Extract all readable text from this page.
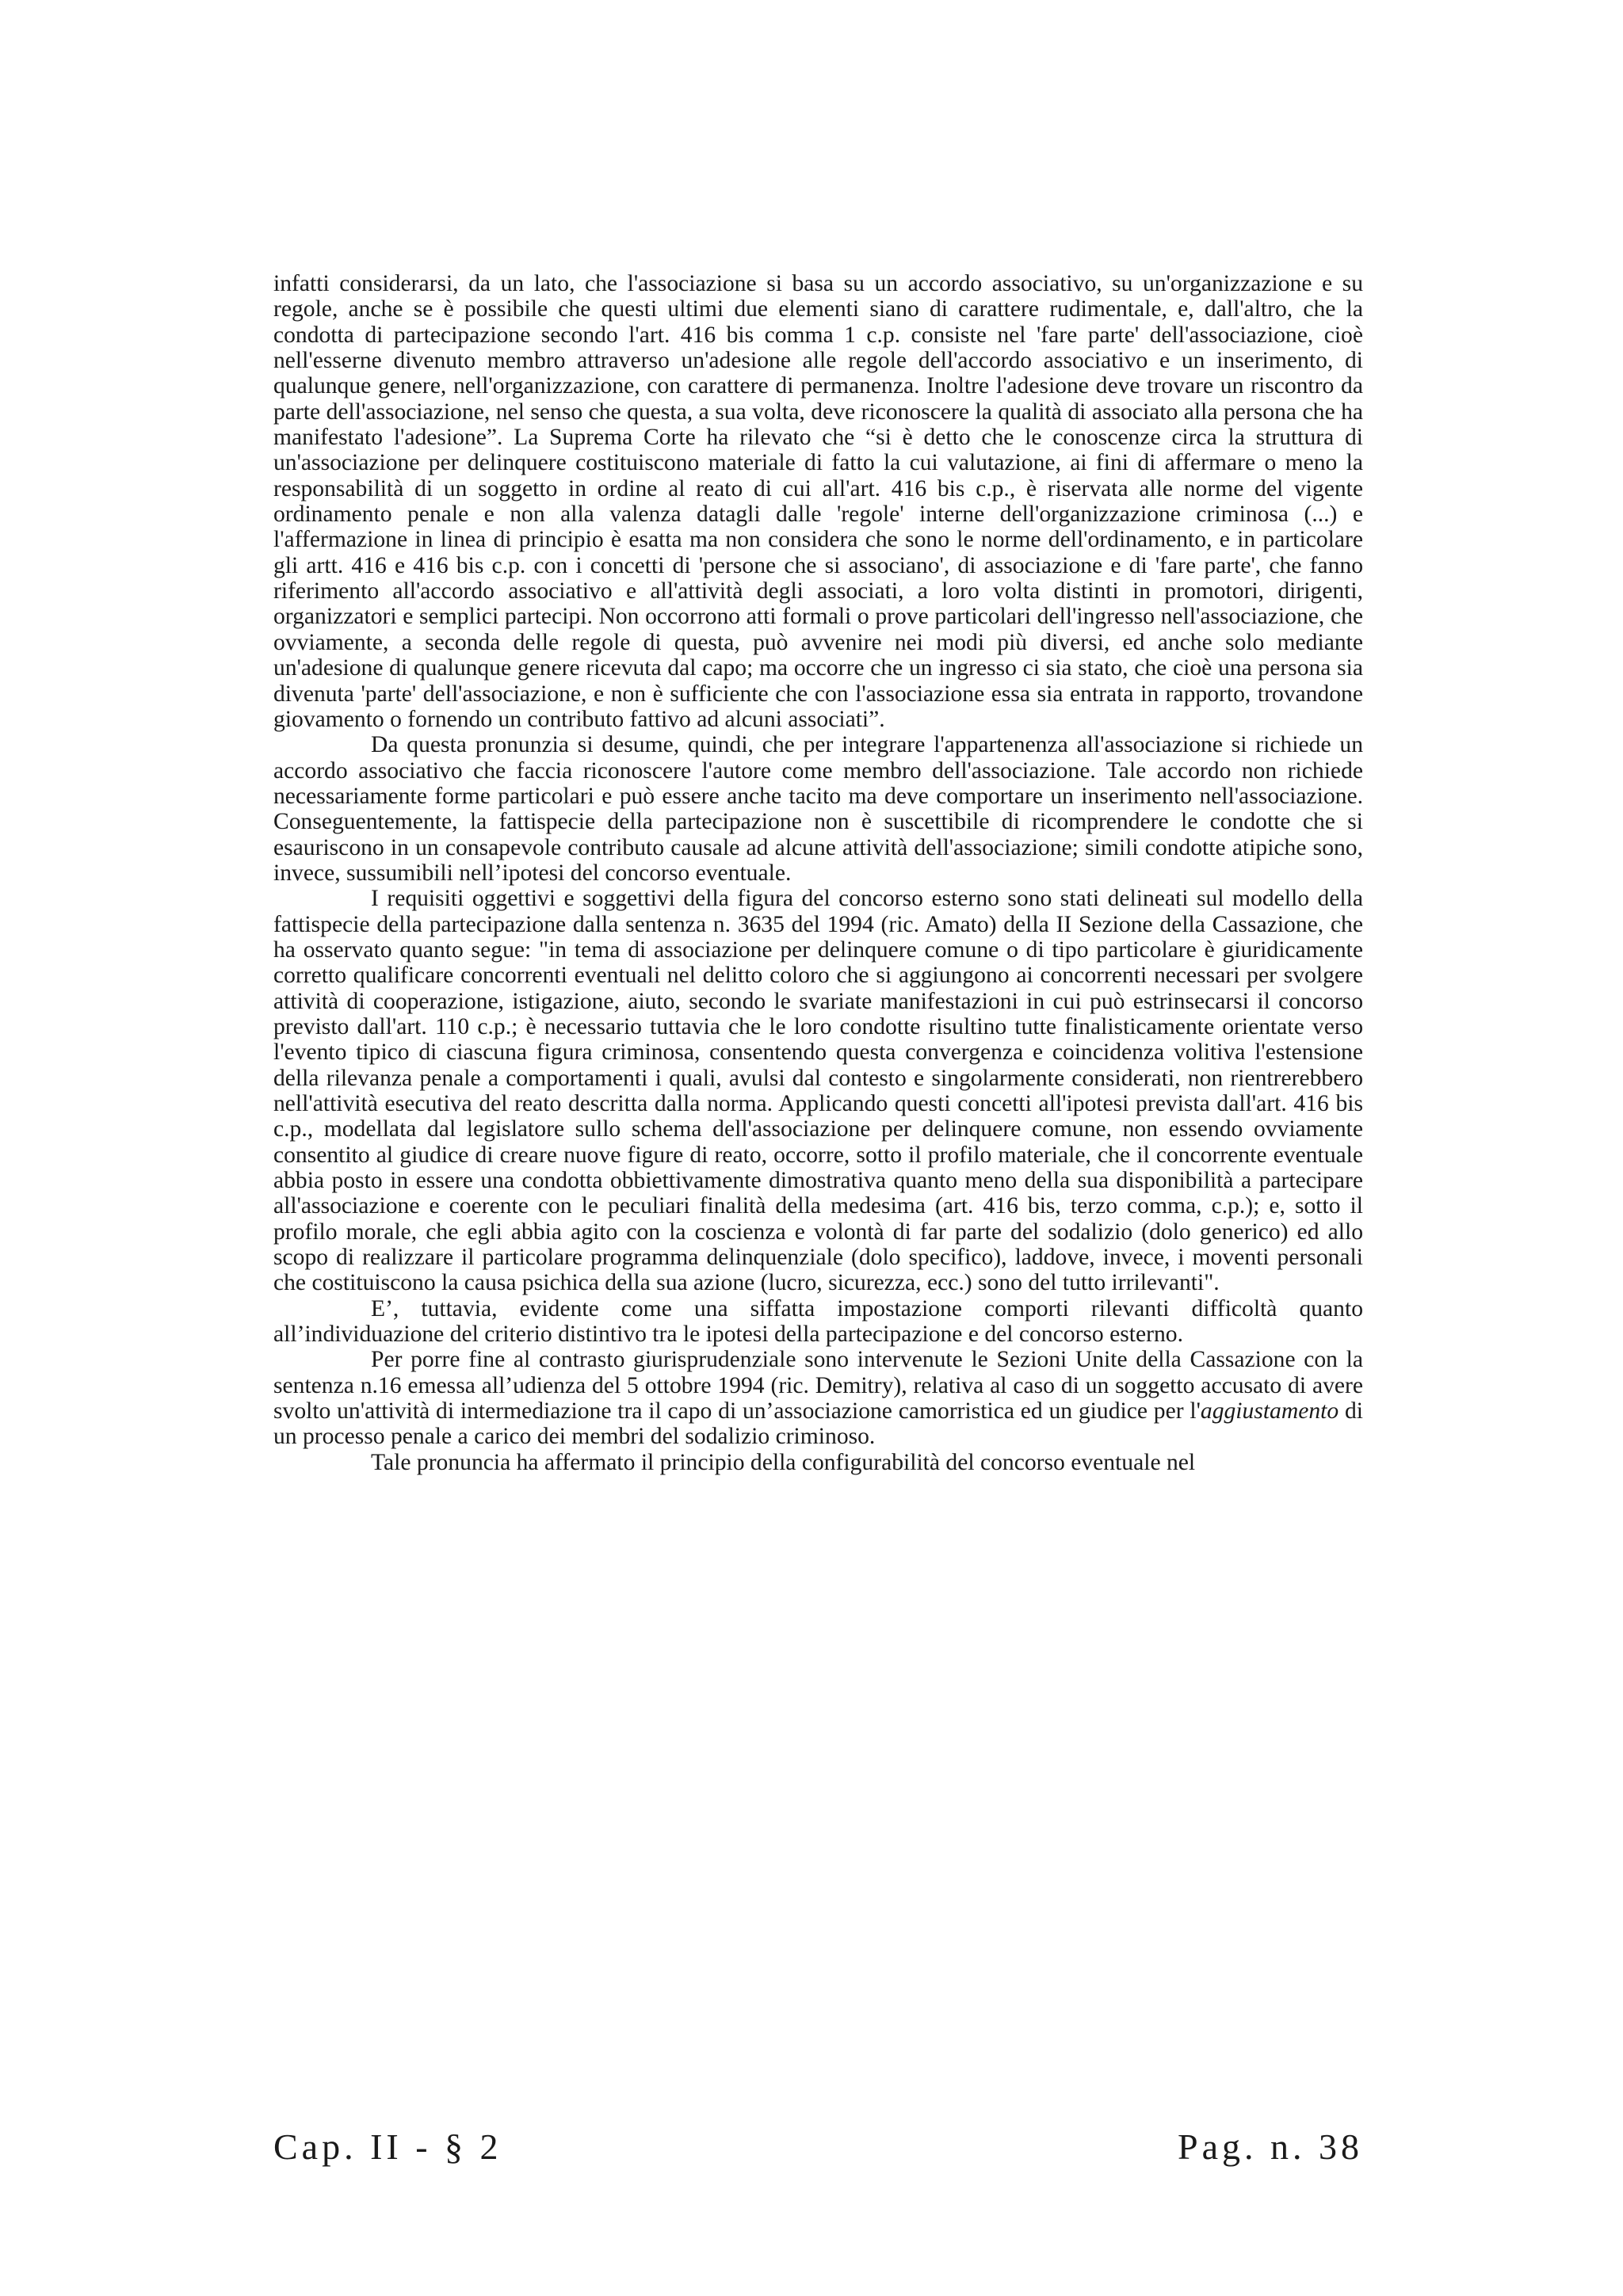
infatti considerarsi, da un lato, che l'associazione si basa su un accordo associativo, su un'organizzazione e su regole, anche se è possibile che questi ultimi due elementi siano di carattere rudimentale, e, dall'altro, che la condotta di partecipazione secondo l'art. 416 bis comma 1 c.p. consiste nel 'fare parte' dell'associazione, cioè nell'esserne divenuto membro attraverso un'adesione alle regole dell'accordo associativo e un inserimento, di qualunque genere, nell'organizzazione, con carattere di permanenza. Inoltre l'adesione deve trovare un riscontro da parte dell'associazione, nel senso che questa, a sua volta, deve riconoscere la qualità di associato alla persona che ha manifestato l'adesione”. La Suprema Corte ha rilevato che “si è detto che le conoscenze circa la struttura di un'associazione per delinquere costituiscono materiale di fatto la cui valutazione, ai fini di affermare o meno la responsabilità di un soggetto in ordine al reato di cui all'art. 416 bis c.p., è riservata alle norme del vigente ordinamento penale e non alla valenza datagli dalle 'regole' interne dell'organizzazione criminosa (...) e l'affermazione in linea di principio è esatta ma non considera che sono le norme dell'ordinamento, e in particolare gli artt. 416 e 416 bis c.p. con i concetti di 'persone che si associano', di associazione e di 'fare parte', che fanno riferimento all'accordo associativo e all'attività degli associati, a loro volta distinti in promotori, dirigenti, organizzatori e semplici partecipi. Non occorrono atti formali o prove particolari dell'ingresso nell'associazione, che ovviamente, a seconda delle regole di questa, può avvenire nei modi più diversi, ed anche solo mediante un'adesione di qualunque genere ricevuta dal capo; ma occorre che un ingresso ci sia stato, che cioè una persona sia divenuta 'parte' dell'associazione, e non è sufficiente che con l'associazione essa sia entrata in rapporto, trovandone giovamento o fornendo un contributo fattivo ad alcuni associati”.

Da questa pronunzia si desume, quindi, che per integrare l'appartenenza all'associazione si richiede un accordo associativo che faccia riconoscere l'autore come membro dell'associazione. Tale accordo non richiede necessariamente forme particolari e può essere anche tacito ma deve comportare un inserimento nell'associazione. Conseguentemente, la fattispecie della partecipazione non è suscettibile di ricomprendere le condotte che si esauriscono in un consapevole contributo causale ad alcune attività dell'associazione; simili condotte atipiche sono, invece, sussumibili nell’ipotesi del concorso eventuale.

I requisiti oggettivi e soggettivi della figura del concorso esterno sono stati delineati sul modello della fattispecie della partecipazione dalla sentenza n. 3635 del 1994 (ric. Amato) della II Sezione della Cassazione, che ha osservato quanto segue: "in tema di associazione per delinquere comune o di tipo particolare è giuridicamente corretto qualificare concorrenti eventuali nel delitto coloro che si aggiungono ai concorrenti necessari per svolgere attività di cooperazione, istigazione, aiuto, secondo le svariate manifestazioni in cui può estrinsecarsi il concorso previsto dall'art. 110 c.p.; è necessario tuttavia che le loro condotte risultino tutte finalisticamente orientate verso l'evento tipico di ciascuna figura criminosa, consentendo questa convergenza e coincidenza volitiva l'estensione della rilevanza penale a comportamenti i quali, avulsi dal contesto e singolarmente considerati, non rientrerebbero nell'attività esecutiva del reato descritta dalla norma. Applicando questi concetti all'ipotesi prevista dall'art. 416 bis c.p., modellata dal legislatore sullo schema dell'associazione per delinquere comune, non essendo ovviamente consentito al giudice di creare nuove figure di reato, occorre, sotto il profilo materiale, che il concorrente eventuale abbia posto in essere una condotta obbiettivamente dimostrativa quanto meno della sua disponibilità a partecipare all'associazione e coerente con le peculiari finalità della medesima (art. 416 bis, terzo comma, c.p.); e, sotto il profilo morale, che egli abbia agito con la coscienza e volontà di far parte del sodalizio (dolo generico) ed allo scopo di realizzare il particolare programma delinquenziale (dolo specifico), laddove, invece, i moventi personali che costituiscono la causa psichica della sua azione (lucro, sicurezza, ecc.) sono del tutto irrilevanti".

E’, tuttavia, evidente come una siffatta impostazione comporti rilevanti difficoltà quanto all’individuazione del criterio distintivo tra le ipotesi della partecipazione e del concorso esterno.

Per porre fine al contrasto giurisprudenziale sono intervenute le Sezioni Unite della Cassazione con la sentenza n.16 emessa all’udienza del 5 ottobre 1994 (ric. Demitry), relativa al caso di un soggetto accusato di avere svolto un'attività di intermediazione tra il capo di un’associazione camorristica ed un giudice per l'aggiustamento di un processo penale a carico dei membri del sodalizio criminoso.

Tale pronuncia ha affermato il principio della configurabilità del concorso eventuale nel

Cap. II - § 2	Pag. n. 38
